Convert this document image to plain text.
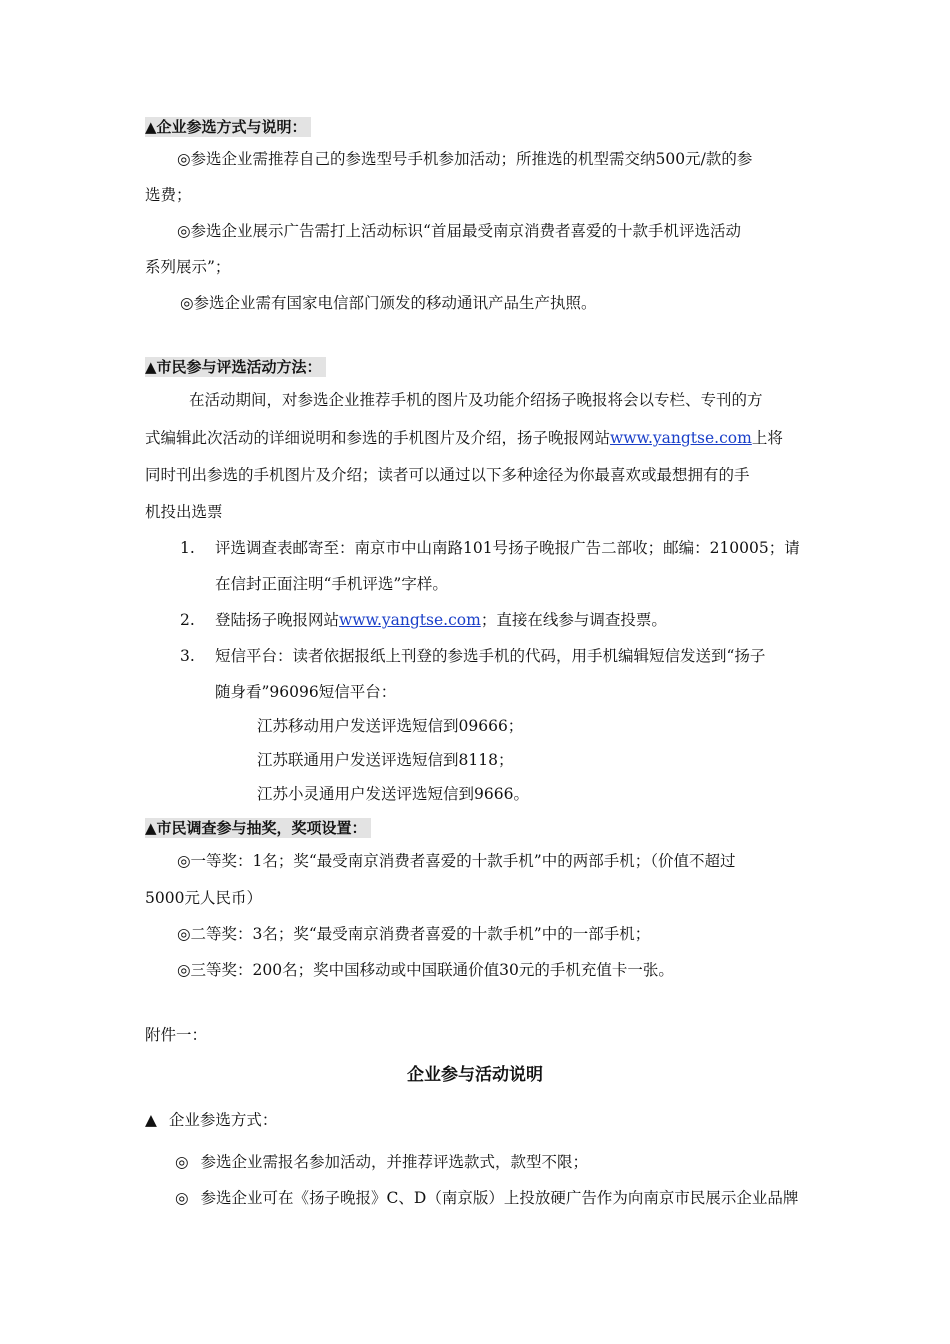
▲企业参选方式与说明：
◎参选企业需推荐自己的参选型号手机参加活动；所推选的机型需交纳500元/款的参
选费；
◎参选企业展示广告需打上活动标识“首届最受南京消费者喜爱的十款手机评选活动
系列展示”；
◎参选企业需有国家电信部门颁发的移动通讯产品生产执照。
▲市民参与评选活动方法：
在活动期间，对参选企业推荐手机的图片及功能介绍扬子晚报将会以专栏、专刊的方
式编辑此次活动的详细说明和参选的手机图片及介绍，扬子晚报网站www.yangtse.com上将
同时刊出参选的手机图片及介绍；读者可以通过以下多种途径为你最喜欢或最想拥有的手
机投出选票
1. 评选调查表邮寄至：南京市中山南路101号扬子晚报广告二部收；邮编：210005；请
在信封正面注明“手机评选”字样。
2. 登陆扬子晚报网站www.yangtse.com；直接在线参与调查投票。
3. 短信平台：读者依据报纸上刊登的参选手机的代码，用手机编辑短信发送到“扬子
随身看”96096短信平台：
江苏移动用户发送评选短信到09666；
江苏联通用户发送评选短信到8118；
江苏小灵通用户发送评选短信到9666。
▲市民调查参与抽奖，奖项设置：
◎一等奖：1名；奖“最受南京消费者喜爱的十款手机”中的两部手机；（价值不超过
5000元人民币）
◎二等奖：3名；奖“最受南京消费者喜爱的十款手机”中的一部手机；
◎三等奖：200名；奖中国移动或中国联通价值30元的手机充值卡一张。
附件一：
企业参与活动说明
▲ 企业参选方式：
◎ 参选企业需报名参加活动，并推荐评选款式，款型不限；
◎ 参选企业可在《扬子晚报》C、D（南京版）上投放硬广告作为向南京市民展示企业品牌
